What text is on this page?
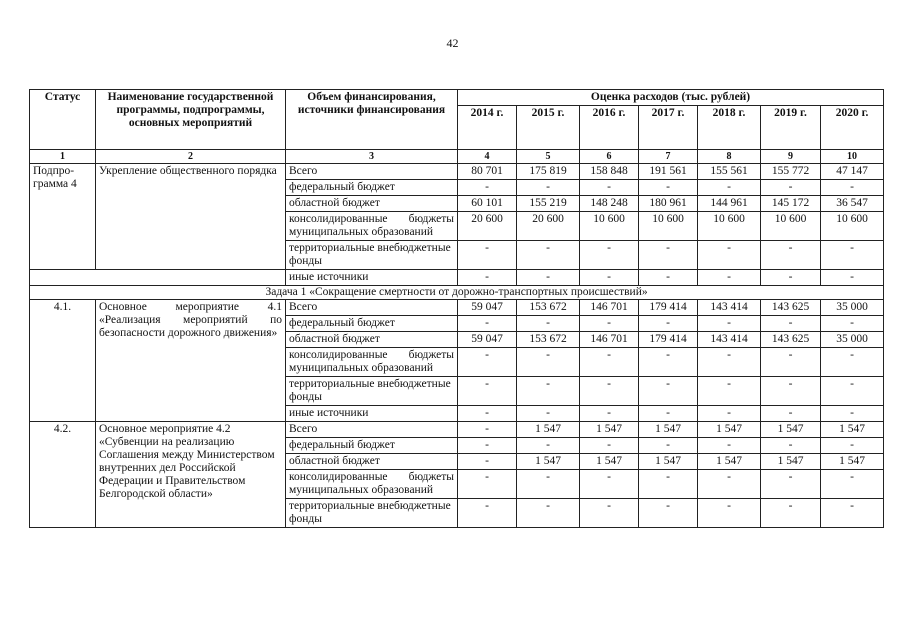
42
Статус	Наименование государственной программы, подпрограммы, основных мероприятий	Объем финансирования, источники финансирования	Оценка расходов (тыс. рублей)						
			2014 г.	2015 г.	2016 г.	2017 г.	2018 г.	2019 г.	2020 г.
1	2	3	4	5	6	7	8	9	10
Подпро-грамма 4	Укрепление общественного порядка	Всего	80 701	175 819	158 848	191 561	155 561	155 772	47 147

		федеральный бюджет	-	-	-	-	-	-	-
		областной бюджет	60 101	155 219	148 248	180 961	144 961	145 172	36 547
		консолидированные бюджеты муниципальных образований	20 600	20 600	10 600	10 600	10 600	10 600	10 600
		территориальные внебюджетные фонды	-	-	-	-	-	-	-
		иные источники	-	-	-	-	-	-	-
Задача 1 «Сокращение смертности от дорожно-транспортных происшествий»									
4.1.	Основное мероприятие 4.1 «Реализация мероприятий по безопасности дорожного движения»	Всего	59 047	153 672	146 701	179 414	143 414	143 625	35 000
		федеральный бюджет	-	-	-	-	-	-	-
		областной бюджет	59 047	153 672	146 701	179 414	143 414	143 625	35 000
		консолидированные бюджеты муниципальных образований	-	-	-	-	-	-	-
		территориальные внебюджетные фонды	-	-	-	-	-	-	-
		иные источники	-	-	-	-	-	-	-
4.2.	Основное мероприятие 4.2 «Субвенции на реализацию Соглашения между Министерством внутренних дел Российской Федерации и Правительством Белгородской области»	Всего	-	1 547	1 547	1 547	1 547	1 547	1 547
		федеральный бюджет	-	-	-	-	-	-	-
		областной бюджет	-	1 547	1 547	1 547	1 547	1 547	1 547
		консолидированные бюджеты муниципальных образований	-	-	-	-	-	-	-
		территориальные внебюджетные фонды	-	-	-	-	-	-	-
